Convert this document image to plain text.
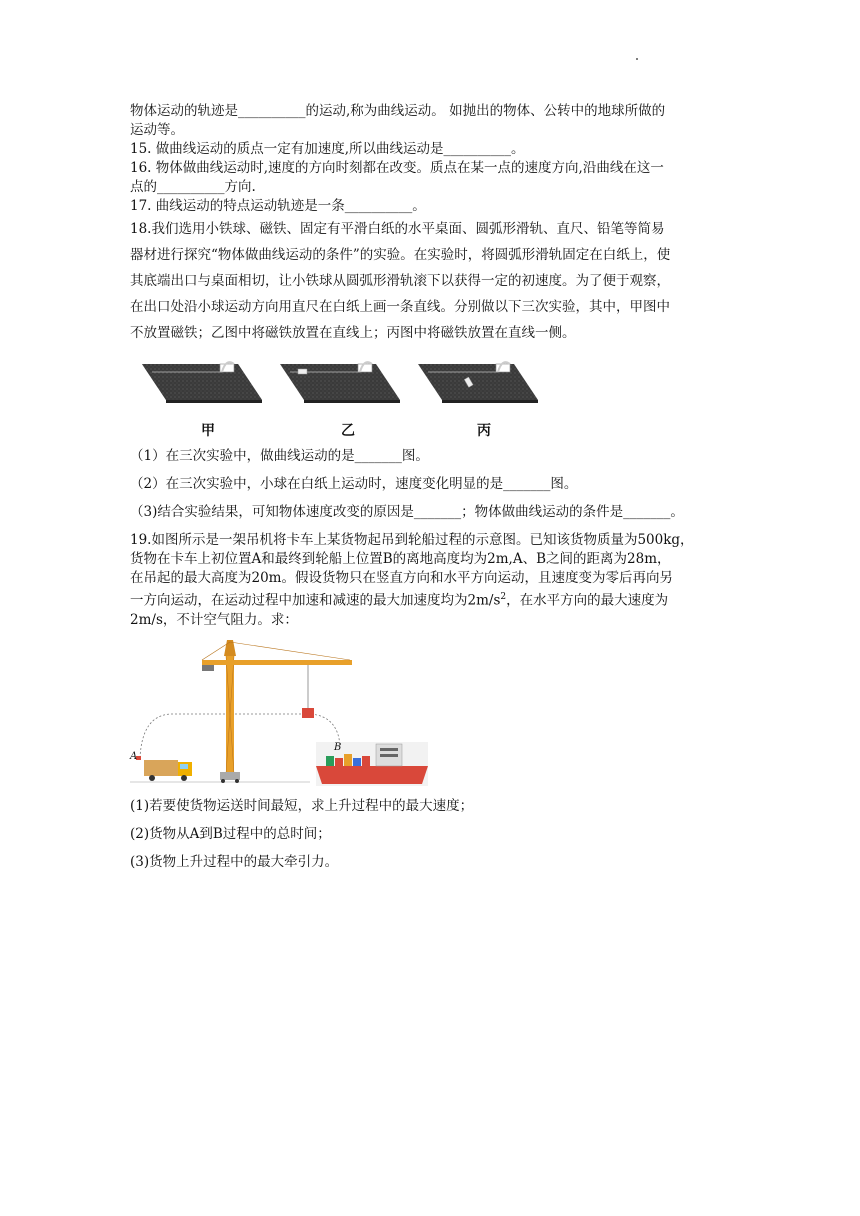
物体运动的轨迹是__________的运动,称为曲线运动。 如抛出的物体、公转中的地球所做的
运动等。
15. 做曲线运动的质点一定有加速度,所以曲线运动是__________。
16. 物体做曲线运动时,速度的方向时刻都在改变。质点在某一点的速度方向,沿曲线在这一
点的__________方向.
17. 曲线运动的特点运动轨迹是一条__________。
18.我们选用小铁球、磁铁、固定有平滑白纸的水平桌面、圆弧形滑轨、直尺、铅笔等简易
器材进行探究“物体做曲线运动的条件”的实验。在实验时，将圆弧形滑轨固定在白纸上，使
其底端出口与桌面相切，让小铁球从圆弧形滑轨滚下以获得一定的初速度。为了便于观察，
在出口处沿小球运动方向用直尺在白纸上画一条直线。分别做以下三次实验，其中，甲图中
不放置磁铁；乙图中将磁铁放置在直线上；丙图中将磁铁放置在直线一侧。
甲	乙	丙
（1）在三次实验中，做曲线运动的是_______图。
（2）在三次实验中，小球在白纸上运动时，速度变化明显的是_______图。
（3)结合实验结果，可知物体速度改变的原因是_______；物体做曲线运动的条件是_______。
19.如图所示是一架吊机将卡车上某货物起吊到轮船过程的示意图。已知该货物质量为500kg，
货物在卡车上初位置A和最终到轮船上位置B的离地高度均为2m,A、B之间的距离为28m，
在吊起的最大高度为20m。假设货物只在竖直方向和水平方向运动，且速度变为零后再向另
一方向运动，在运动过程中加速和减速的最大加速度均为$2m/s^2$，在水平方向的最大速度为
2m/s，不计空气阻力。求：
A
B
(1)若要使货物运送时间最短，求上升过程中的最大速度；
(2)货物从A到B过程中的总时间；
(3)货物上升过程中的最大牵引力。
